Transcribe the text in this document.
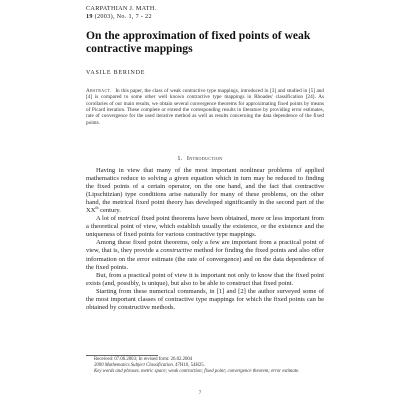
CARPATHIAN J. MATH.
19 (2003), No. 1, 7 - 22
On the approximation of fixed points of weak contractive mappings
VASILE BERINDE
Abstract. In this paper, the class of weak contractive type mappings, introduced in [3] and studied in [5] and [4] is compared to some other well known contractive type mappings in Rhoades' classification [24]. As corollaries of our main results, we obtain several convergence theorems for approximating fixed points by means of Picard iteration. These complete or extend the corresponding results in literature by providing error estimates, rate of convergence for the used iterative method as well as results concerning the data dependence of the fixed points.
1. Introduction

Having in view that many of the most important nonlinear problems of applied mathematics reduce to solving a given equation which in turn may be reduced to finding the fixed points of a certain operator, on the one hand, and the fact that contractive (Lipschitzian) type conditions arise naturally for many of these problems, on the other hand, the metrical fixed point theory has developed significantly in the second part of the XXth century.

A lot of metrical fixed point theorems have been obtained, more or less important from a theoretical point of view, which establish usually the existence, or the existence and the uniqueness of fixed points for various contractive type mappings.

Among these fixed point theorems, only a few are important from a practical point of view, that is, they provide a constructive method for finding the fixed points and also offer information on the error estimate (the rate of convergence) and on the data dependence of the fixed points.

But, from a practical point of view it is important not only to know that the fixed point exists (and, possibly, is unique), but also to be able to construct that fixed point.

Starting from these numerical commands, in [1] and [2] the author surveyed some of the most important classes of contractive type mappings for which the fixed points can be obtained by constructive methods.

Received: 07.06.2003; In revised form: 26.02.2004
2000 Mathematics Subject Classification. 47H10, 54H25.
Key words and phrases. metric space; weak contraction; fixed point; convergence theorem; error estimate.
7
